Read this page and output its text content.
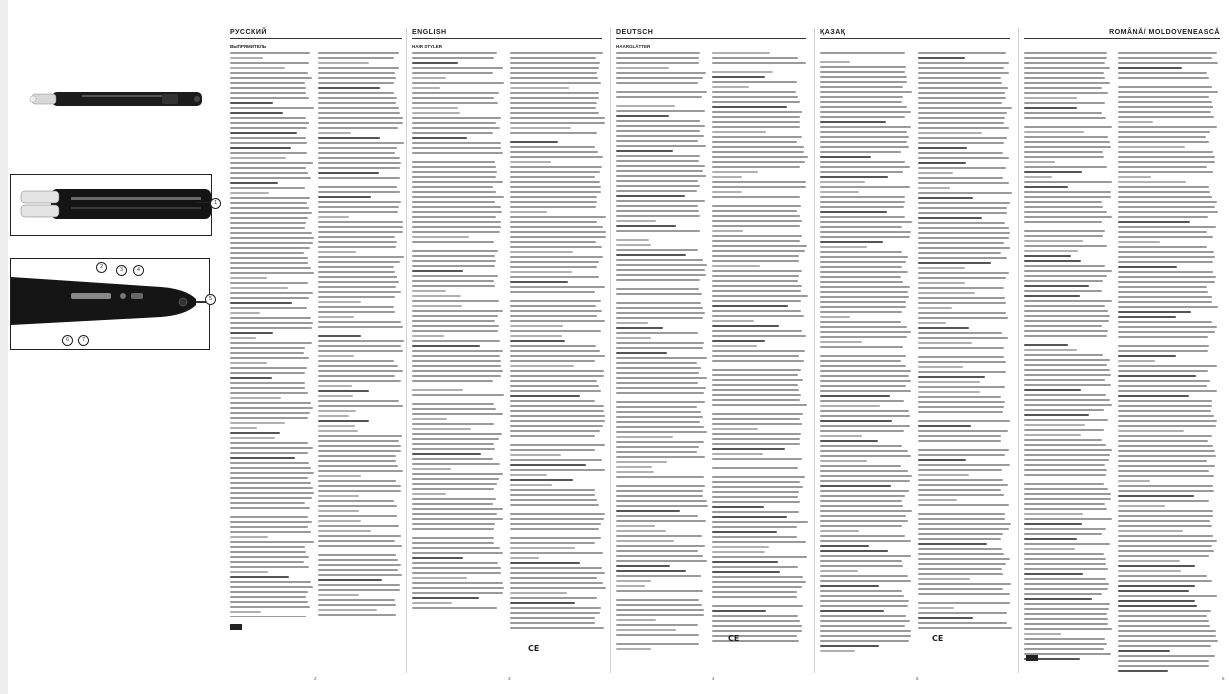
РУССКИЙ	ENGLISH	DEUTSCH	ҚАЗАҚ	ROMÂNĂ/ MOLDOVENEASCĂ
ВЫПРЯМИТЕЛЬ	HAIR STYLER	HAARGLÄTTER
1
2	3	4
5
6	7
CE
CE	CE
2	3	4	5	6
